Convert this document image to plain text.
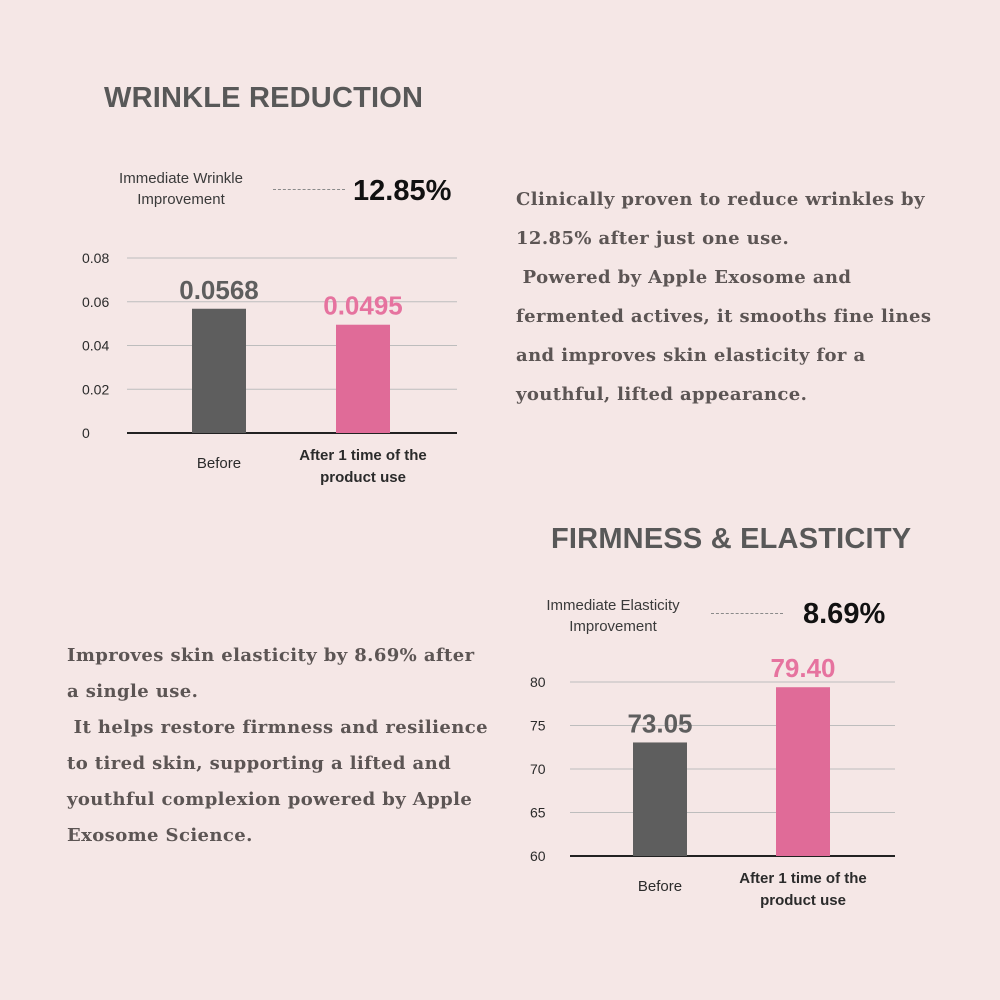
WRINKLE REDUCTION
Immediate Wrinkle
Improvement	12.85%
0
0.02
0.04
0.06
0.08
0.0568
0.0495
Before	After 1 time of the product use
Clinically proven to reduce wrinkles by
12.85% after just one use.
Powered by Apple Exosome and
fermented actives, it smooths fine lines
and improves skin elasticity for a
youthful, lifted appearance.
FIRMNESS & ELASTICITY
Immediate Elasticity
Improvement	8.69%
60
65
70
75
80
73.05
79.40
Before	After 1 time of the product use
Improves skin elasticity by 8.69% after
a single use.
It helps restore firmness and resilience
to tired skin, supporting a lifted and
youthful complexion powered by Apple
Exosome Science.
